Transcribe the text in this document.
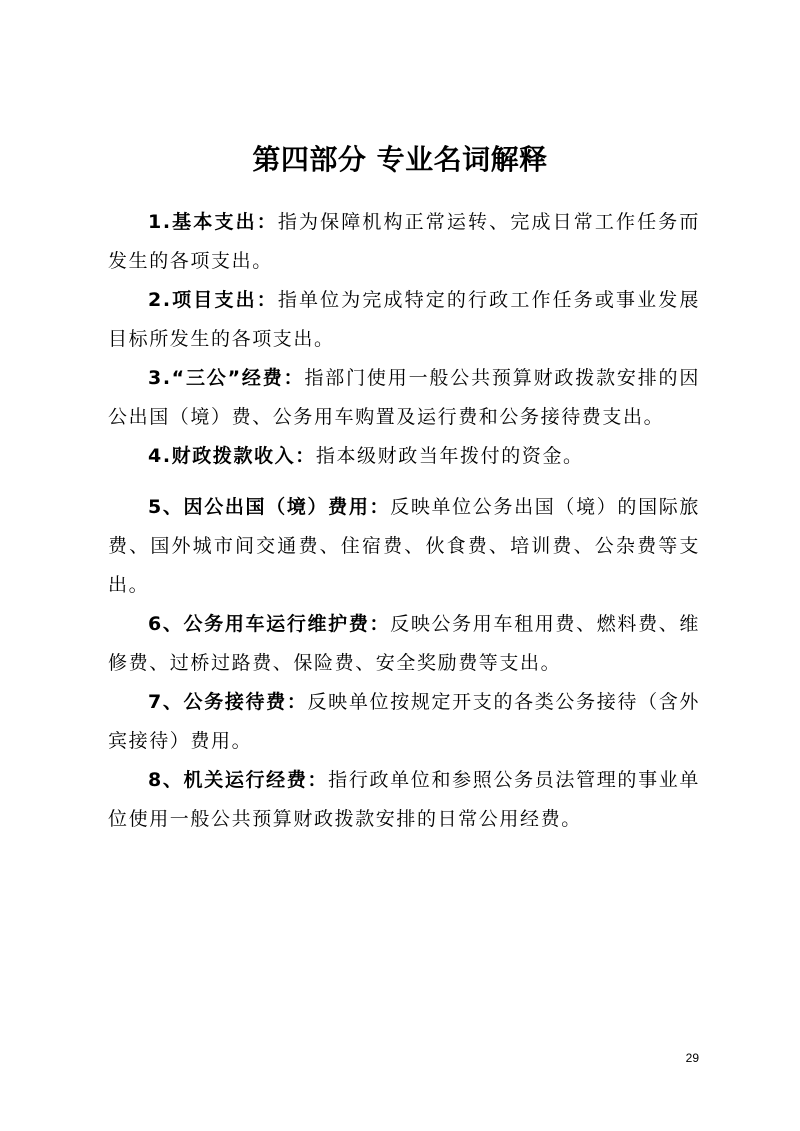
第四部分 专业名词解释

1.基本支出：指为保障机构正常运转、完成日常工作任务而发生的各项支出。

2.项目支出：指单位为完成特定的行政工作任务或事业发展目标所发生的各项支出。

3.“三公”经费：指部门使用一般公共预算财政拨款安排的因公出国（境）费、公务用车购置及运行费和公务接待费支出。

4.财政拨款收入：指本级财政当年拨付的资金。

5、因公出国（境）费用：反映单位公务出国（境）的国际旅费、国外城市间交通费、住宿费、伙食费、培训费、公杂费等支出。

6、公务用车运行维护费：反映公务用车租用费、燃料费、维修费、过桥过路费、保险费、安全奖励费等支出。

7、公务接待费：反映单位按规定开支的各类公务接待（含外宾接待）费用。

8、机关运行经费：指行政单位和参照公务员法管理的事业单位使用一般公共预算财政拨款安排的日常公用经费。

29
